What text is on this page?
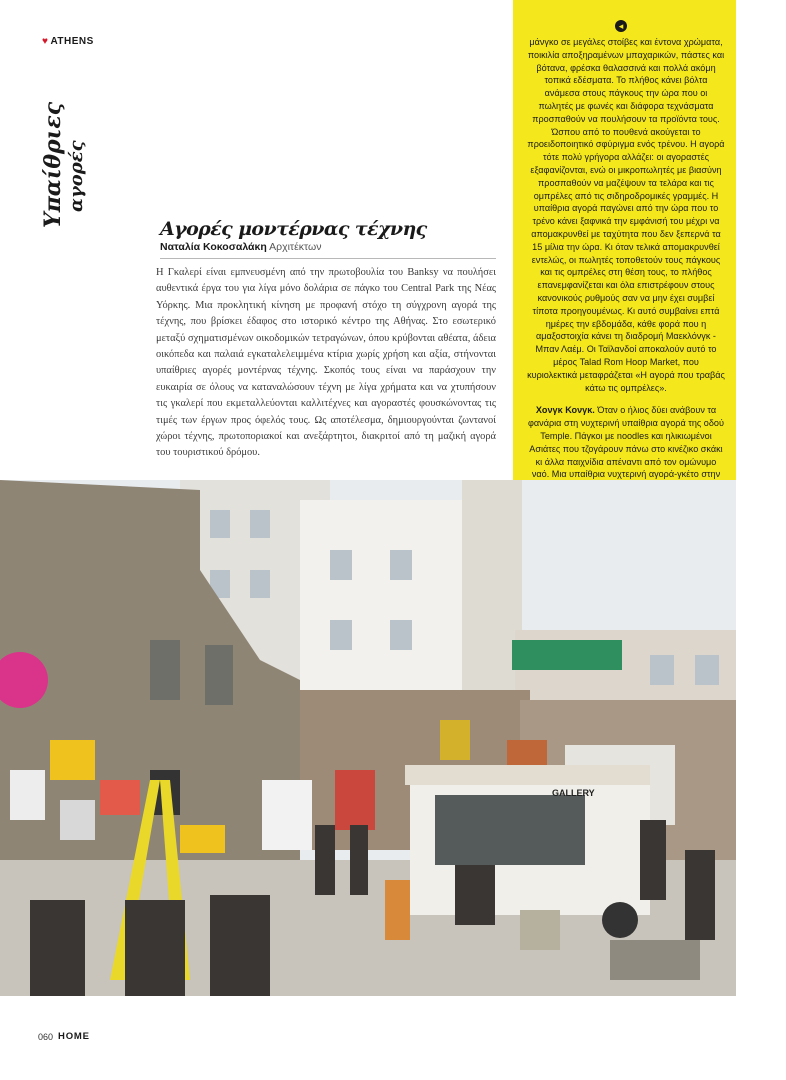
♥ ATHENS
Υπαίθριες αγορές
Αγορές μοντέρνας τέχνης
Ναταλία Κοκοσαλάκη Αρχιτέκτων

Η Γκαλερί είναι εμπνευσμένη από την πρωτοβουλία του Banksy να πουλήσει αυθεντικά έργα του για λίγα μόνο δολάρια σε πάγκο του Central Park της Νέας Υόρκης. Μια προκλητική κίνηση με προφανή στόχο τη σύγχρονη αγορά της τέχνης, που βρίσκει έδαφος στο ιστορικό κέντρο της Αθήνας. Στο εσωτερικό μεταξύ σχηματισμένων οικοδομικών τετραγώνων, όπου κρύβονται αθέατα, άδεια οικόπεδα και παλαιά εγκαταλελειμμένα κτίρια χωρίς χρήση και αξία, στήνονται υπαίθριες αγορές μοντέρνας τέχνης. Σκοπός τους είναι να παράσχουν την ευκαιρία σε όλους να καταναλώσουν τέχνη με λίγα χρήματα και να χτυπήσουν τις γκαλερί που εκμεταλλεύονται καλλιτέχνες και αγοραστές φουσκώνοντας τις τιμές των έργων προς όφελός τους. Ως αποτέλεσμα, δημιουργούνται ζωντανοί χώροι τέχνης, πρωτοποριακοί και ανεξάρτητοι, διακριτοί από τη μαζική αγορά του τουριστικού δρόμου.

◂

μάνγκο σε μεγάλες στοίβες και έντονα χρώματα, ποικιλία αποξηραμένων μπαχαρικών, πάστες και βότανα, φρέσκα θαλασσινά και πολλά ακόμη τοπικά εδέσματα. Το πλήθος κάνει βόλτα ανάμεσα στους πάγκους την ώρα που οι πωλητές με φωνές και διάφορα τεχνάσματα προσπαθούν να πουλήσουν τα προϊόντα τους. Ώσπου από το πουθενά ακούγεται το προειδοποιητικό σφύριγμα ενός τρένου. Η αγορά τότε πολύ γρήγορα αλλάζει: οι αγοραστές εξαφανίζονται, ενώ οι μικροπωλητές με βιασύνη προσπαθούν να μαζέψουν τα τελάρα και τις ομπρέλες από τις σιδηροδρομικές γραμμές. Η υπαίθρια αγορά παγώνει από την ώρα που το τρένο κάνει ξαφνικά την εμφάνισή του μέχρι να απομακρυνθεί με ταχύτητα που δεν ξεπερνά τα 15 μίλια την ώρα. Κι όταν τελικά απομακρυνθεί εντελώς, οι πωλητές τοποθετούν τους πάγκους και τις ομπρέλες στη θέση τους, το πλήθος επανεμφανίζεται και όλα επιστρέφουν στους κανονικούς ρυθμούς σαν να μην έχει συμβεί τίποτα προηγουμένως. Κι αυτό συμβαίνει επτά ημέρες την εβδομάδα, κάθε φορά που η αμαξοστοιχία κάνει τη διαδρομή Μαεκλόνγκ - Μπαν Λαέμ. Οι Ταϊλανδοί αποκαλούν αυτό το μέρος Talad Rom Hoop Market, που κυριολεκτικά μεταφράζεται «Η αγορά που τραβάς κάτω τις ομπρέλες».

Χονγκ Κονγκ. Όταν ο ήλιος δύει ανάβουν τα φανάρια στη νυχτερινή υπαίθρια αγορά της οδού Temple. Πάγκοι με noodles και ηλικιωμένοι Ασιάτες που τζογάρουν πάνω στο κινέζικο σκάκι κι άλλα παιχνίδια απέναντι από τον ομώνυμο ναό. Μια υπαίθρια νυχτερινή αγορά-γκέτο στην

GALLERY
060 HOME
